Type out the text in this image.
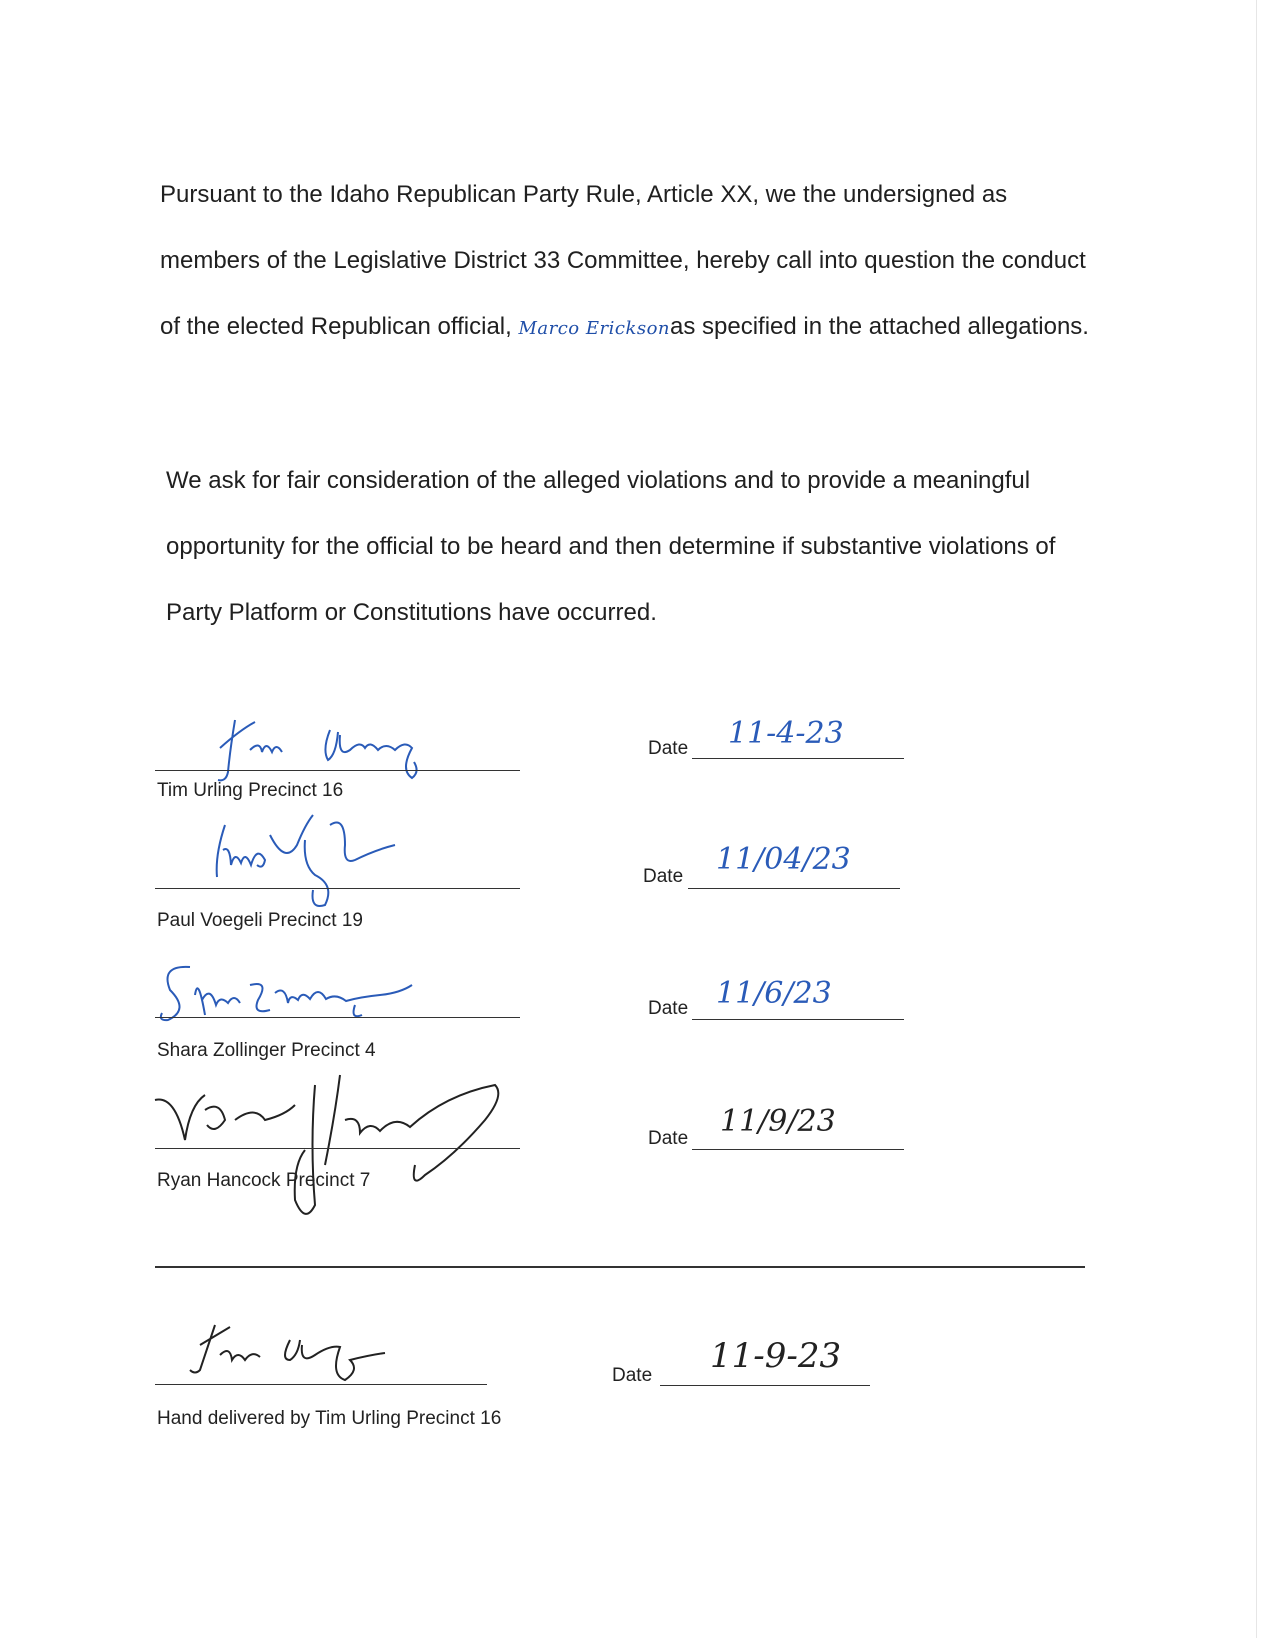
Pursuant to the Idaho Republican Party Rule, Article XX, we the undersigned as members of the Legislative District 33 Committee, hereby call into question the conduct of the elected Republican official, Marco Ericksonas specified in the attached allegations.

We ask for fair consideration of the alleged violations and to provide a meaningful opportunity for the official to be heard and then determine if substantive violations of Party Platform or Constitutions have occurred.

Tim Urling Precinct 16
Date 11-4-23
Paul Voegeli Precinct 19
Date 11/04/23
Shara Zollinger Precinct 4
Date 11/6/23
Ryan Hancock Precinct 7
Date 11/9/23
Hand delivered by Tim Urling Precinct 16
Date 11-9-23
